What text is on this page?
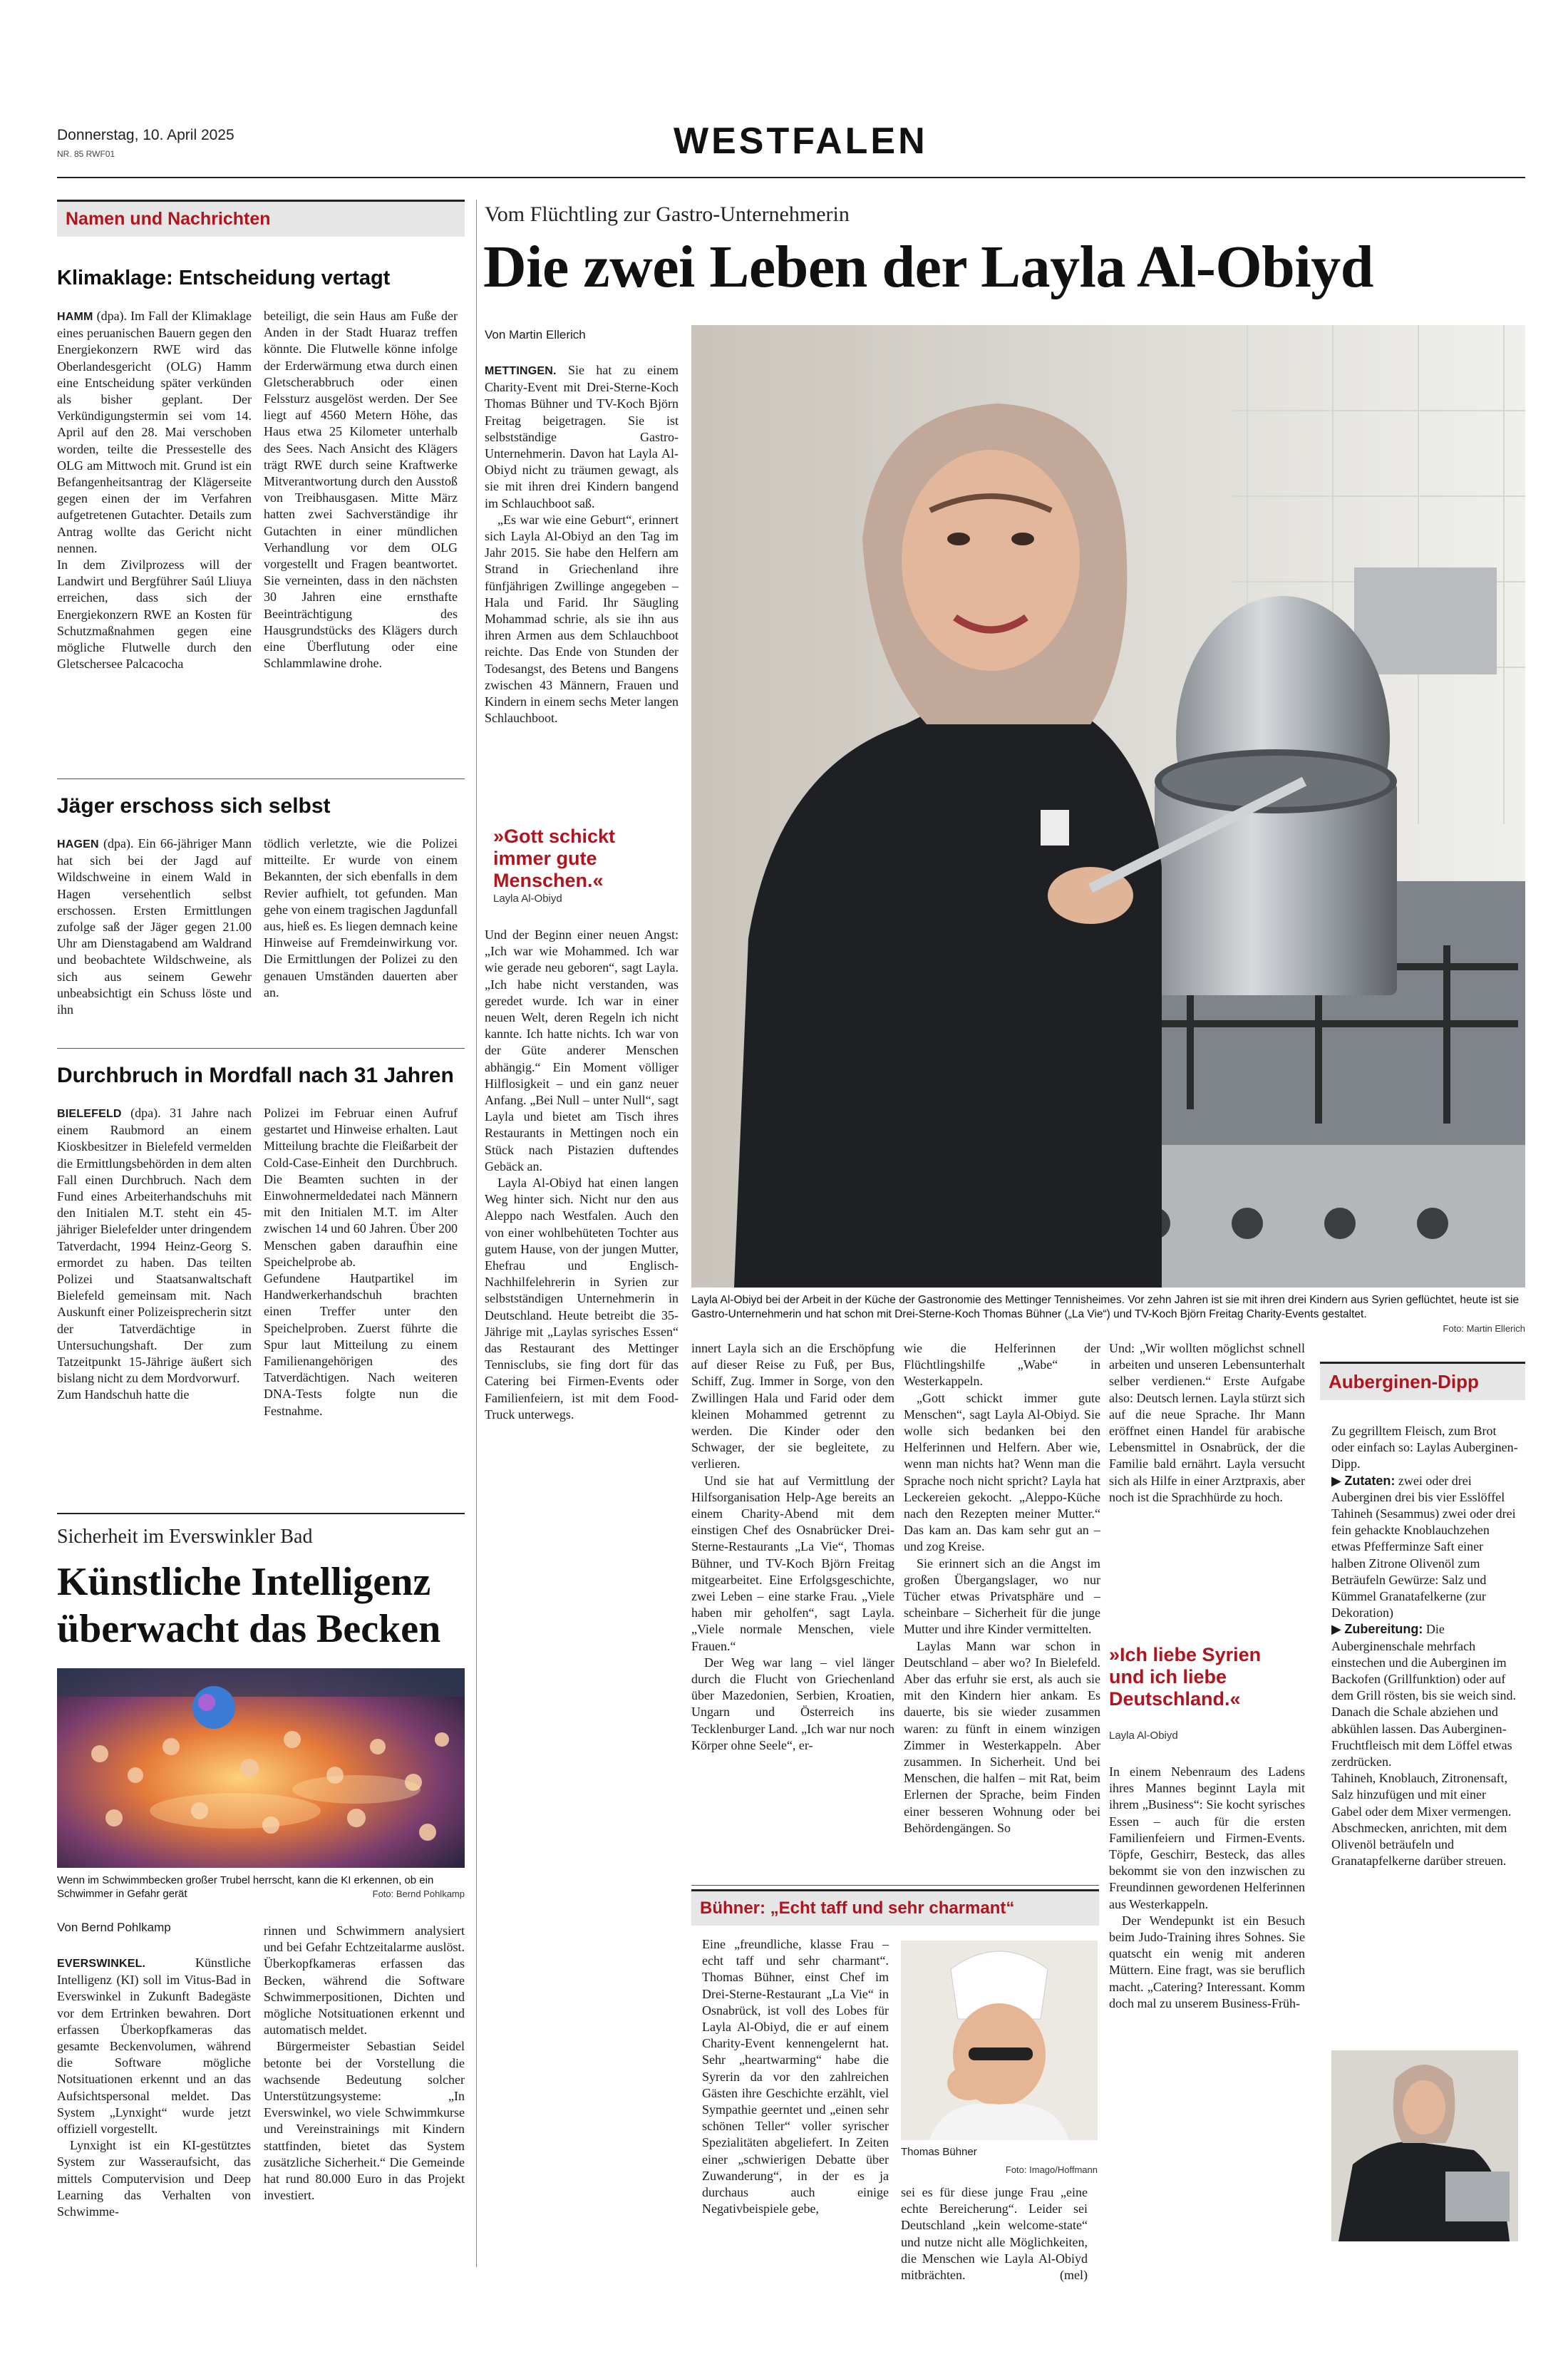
Donnerstag, 10. April 2025
NR. 85 RWF01	WESTFALEN
Namen und Nachrichten
Klimaklage: Entscheidung vertagt

HAMM (dpa). Im Fall der Klimaklage eines peruanischen Bauern gegen den Energiekonzern RWE wird das Oberlandesgericht (OLG) Hamm eine Entscheidung später verkünden als bisher geplant. Der Verkündigungstermin sei vom 14. April auf den 28. Mai verschoben worden, teilte die Pressestelle des OLG am Mittwoch mit. Grund ist ein Befangenheitsantrag der Klägerseite gegen einen der im Verfahren aufgetretenen Gutachter. Details zum Antrag wollte das Gericht nicht nennen.

In dem Zivilprozess will der Landwirt und Bergführer Saúl Lliuya erreichen, dass sich der Energiekonzern RWE an Kosten für Schutzmaßnahmen gegen eine mögliche Flutwelle durch den Gletschersee Palcacocha

beteiligt, die sein Haus am Fuße der Anden in der Stadt Huaraz treffen könnte. Die Flutwelle könne infolge der Erderwärmung etwa durch einen Gletscherabbruch oder einen Felssturz ausgelöst werden. Der See liegt auf 4560 Metern Höhe, das Haus etwa 25 Kilometer unterhalb des Sees. Nach Ansicht des Klägers trägt RWE durch seine Kraftwerke Mitverantwortung durch den Ausstoß von Treibhausgasen. Mitte März hatten zwei Sachverständige ihr Gutachten in einer mündlichen Verhandlung vor dem OLG vorgestellt und Fragen beantwortet. Sie verneinten, dass in den nächsten 30 Jahren eine ernsthafte Beeinträchtigung des Hausgrundstücks des Klägers durch eine Überflutung oder eine Schlammlawine drohe.
Jäger erschoss sich selbst

HAGEN (dpa). Ein 66-jähriger Mann hat sich bei der Jagd auf Wildschweine in einem Wald in Hagen versehentlich selbst erschossen. Ersten Ermittlungen zufolge saß der Jäger gegen 21.00 Uhr am Dienstagabend am Waldrand und beobachtete Wildschweine, als sich aus seinem Gewehr unbeabsichtigt ein Schuss löste und ihn

tödlich verletzte, wie die Polizei mitteilte. Er wurde von einem Bekannten, der sich ebenfalls in dem Revier aufhielt, tot gefunden. Man gehe von einem tragischen Jagdunfall aus, hieß es. Es liegen demnach keine Hinweise auf Fremdeinwirkung vor. Die Ermittlungen der Polizei zu den genauen Umständen dauerten aber an.
Durchbruch in Mordfall nach 31 Jahren

BIELEFELD (dpa). 31 Jahre nach einem Raubmord an einem Kioskbesitzer in Bielefeld vermelden die Ermittlungsbehörden in dem alten Fall einen Durchbruch. Nach dem Fund eines Arbeiterhandschuhs mit den Initialen M.T. steht ein 45-jähriger Bielefelder unter dringendem Tatverdacht, 1994 Heinz-Georg S. ermordet zu haben. Das teilten Polizei und Staatsanwaltschaft Bielefeld gemeinsam mit. Nach Auskunft einer Polizeisprecherin sitzt der Tatverdächtige in Untersuchungshaft. Der zum Tatzeitpunkt 15-Jährige äußert sich bislang nicht zu dem Mordvorwurf.

Zum Handschuh hatte die

Polizei im Februar einen Aufruf gestartet und Hinweise erhalten. Laut Mitteilung brachte die Fleißarbeit der Cold-Case-Einheit den Durchbruch. Die Beamten suchten in der Einwohnermeldedatei nach Männern mit den Initialen M.T. im Alter zwischen 14 und 60 Jahren. Über 200 Menschen gaben daraufhin eine Speichelprobe ab.

Gefundene Hautpartikel im Handwerkerhandschuh brachten einen Treffer unter den Speichelproben. Zuerst führte die Spur laut Mitteilung zu einem Familienangehörigen des Tatverdächtigen. Nach weiteren DNA-Tests folgte nun die Festnahme.

Sicherheit im Everswinkler Bad
Künstliche Intelligenz überwacht das Becken
Wenn im Schwimmbecken großer Trubel herrscht, kann die KI erkennen, ob ein Schwimmer in Gefahr gerät	Foto: Bernd Pohlkamp
Von Bernd Pohlkamp

EVERSWINKEL.	Künstliche Intelligenz (KI) soll im Vitus-Bad in Everswinkel in Zukunft Badegäste vor dem Ertrinken bewahren. Dort erfassen Überkopfkameras das gesamte Beckenvolumen, während die Software mögliche Notsituationen erkennt und an das Aufsichtspersonal meldet. Das System „Lynxight“ wurde jetzt offiziell vorgestellt.

Lynxight ist ein KI-gestütztes System zur Wasseraufsicht, das mittels Computervision und Deep Learning das Verhalten von Schwimme-

rinnen und Schwimmern analysiert und bei Gefahr Echtzeitalarme auslöst. Überkopfkameras erfassen das Becken, während die Software Schwimmerpositionen, Dichten und mögliche Notsituationen erkennt und automatisch meldet.

Bürgermeister Sebastian Seidel betonte bei der Vorstellung die wachsende Bedeutung solcher Unterstützungsysteme: „In Everswinkel, wo viele Schwimmkurse und Vereinstrainings mit Kindern stattfinden, bietet das System zusätzliche Sicherheit.“ Die Gemeinde hat rund 80.000 Euro in das Projekt investiert.

Vom Flüchtling zur Gastro-Unternehmerin
Die zwei Leben der Layla Al-Obiyd
Von Martin Ellerich

METTINGEN. Sie hat zu einem Charity-Event mit Drei-Sterne-Koch Thomas Bühner und TV-Koch Björn Freitag beigetragen. Sie ist selbstständige Gastro-Unternehmerin. Davon hat Layla Al-Obiyd nicht zu träumen gewagt, als sie mit ihren drei Kindern bangend im Schlauchboot saß.

„Es war wie eine Geburt“, erinnert sich Layla Al-Obiyd an den Tag im Jahr 2015. Sie habe den Helfern am Strand in Griechenland ihre fünfjährigen Zwillinge angegeben – Hala und Farid. Ihr Säugling Mohammad schrie, als sie ihn aus ihren Armen aus dem Schlauchboot reichte. Das Ende von Stunden der Todesangst, des Betens und Bangens zwischen 43 Männern, Frauen und Kindern in einem sechs Meter langen Schlauchboot.

»Gott schickt immer gute Menschen.«
Layla Al-Obiyd

Und der Beginn einer neuen Angst: „Ich war wie Mohammed. Ich war wie gerade neu geboren“, sagt Layla. „Ich habe nicht verstanden, was geredet wurde. Ich war in einer neuen Welt, deren Regeln ich nicht kannte. Ich hatte nichts. Ich war von der Güte anderer Menschen abhängig.“ Ein Moment völliger Hilflosigkeit – und ein ganz neuer Anfang. „Bei Null – unter Null“, sagt Layla und bietet am Tisch ihres Restaurants in Mettingen noch ein Stück nach Pistazien duftendes Gebäck an.

Layla Al-Obiyd hat einen langen Weg hinter sich. Nicht nur den aus Aleppo nach Westfalen. Auch den von einer wohlbehüteten Tochter aus gutem Hause, von der jungen Mutter, Ehefrau und Englisch-Nachhilfelehrerin in Syrien zur selbstständigen Unternehmerin in Deutschland. Heute betreibt die 35-Jährige mit „Laylas syrisches Essen“ das Restaurant des Mettinger Tennisclubs, sie fing dort für das Catering bei Firmen-Events oder Familienfeiern, ist mit dem Food-Truck unterwegs.

Layla Al-Obiyd bei der Arbeit in der Küche der Gastronomie des Mettinger Tennisheimes. Vor zehn Jahren ist sie mit ihren drei Kindern aus Syrien geflüchtet, heute ist sie Gastro-Unternehmerin und hat schon mit Drei-Sterne-Koch Thomas Bühner („La Vie“) und TV-Koch Björn Freitag Charity-Events gestaltet.
Foto: Martin Ellerich

innert Layla sich an die Erschöpfung auf dieser Reise zu Fuß, per Bus, Schiff, Zug. Immer in Sorge, von den Zwillingen Hala und Farid oder dem kleinen Mohammed getrennt zu werden. Die Kinder oder den Schwager, der sie begleitete, zu verlieren.

Und sie hat auf Vermittlung der Hilfsorganisation Help-Age bereits an einem Charity-Abend mit dem einstigen Chef des Osnabrücker Drei-Sterne-Restaurants „La Vie“, Thomas Bühner, und TV-Koch Björn Freitag mitgearbeitet. Eine Erfolgsgeschichte, zwei Leben – eine starke Frau. „Viele haben mir geholfen“, sagt Layla. „Viele normale Menschen, viele Frauen.“

Der Weg war lang – viel länger durch die Flucht von Griechenland über Mazedonien, Serbien, Kroatien, Ungarn und Österreich ins Tecklenburger Land. „Ich war nur noch Körper ohne Seele“, er-

wie die Helferinnen der Flüchtlingshilfe „Wabe“ in Westerkappeln.

„Gott schickt immer gute Menschen“, sagt Layla Al-Obiyd. Sie wolle sich bedanken bei den Helferinnen und Helfern. Aber wie, wenn man nichts hat? Wenn man die Sprache noch nicht spricht? Layla hat Leckereien gekocht. „Aleppo-Küche nach den Rezepten meiner Mutter.“ Das kam an. Das kam sehr gut an – und zog Kreise.

Sie erinnert sich an die Angst im großen Übergangslager, wo nur Tücher etwas Privatsphäre und – scheinbare – Sicherheit für die junge Mutter und ihre Kinder vermittelten.

Laylas Mann war schon in Deutschland – aber wo? In Bielefeld. Aber das erfuhr sie erst, als auch sie mit den Kindern hier ankam. Es dauerte, bis sie wieder zusammen waren: zu fünft in einem winzigen Zimmer in Westerkappeln. Aber zusammen. In Sicherheit. Und bei Menschen, die halfen – mit Rat, beim Erlernen der Sprache, beim Finden einer besseren Wohnung oder bei Behördengängen. So

»Ich liebe Syrien und ich liebe Deutschland.«
Layla Al-Obiyd

Und: „Wir wollten möglichst schnell arbeiten und unseren Lebensunterhalt selber verdienen.“ Erste Aufgabe also: Deutsch lernen. Layla stürzt sich auf die neue Sprache. Ihr Mann eröffnet einen Handel für arabische Lebensmittel in Osnabrück, der die Familie bald ernährt. Layla versucht sich als Hilfe in einer Arztpraxis, aber noch ist die Sprachhürde zu hoch.

In einem Nebenraum des Ladens ihres Mannes beginnt Layla mit ihrem „Business“: Sie kocht syrisches Essen – auch für die ersten Familienfeiern und Firmen-Events. Töpfe, Geschirr, Besteck, das alles bekommt sie von den inzwischen zu Freundinnen gewordenen Helferinnen aus Westerkappeln.

Der Wendepunkt ist ein Besuch beim Judo-Training ihres Sohnes. Sie quatscht ein wenig mit anderen Müttern. Eine fragt, was sie beruflich macht. „Catering? Interessant. Komm doch mal zu unserem Business-Früh-

Bühner: „Echt taff und sehr charmant“
Eine „freundliche, klasse Frau – echt taff und sehr charmant“. Thomas Bühner, einst Chef im Drei-Sterne-Restaurant „La Vie“ in Osnabrück, ist voll des Lobes für Layla Al-Obiyd, die er auf einem Charity-Event kennengelernt hat. Sehr „heartwarming“ habe die Syrerin da vor den zahlreichen Gästen ihre Geschichte erzählt, viel Sympathie geerntet und „einen sehr schönen Teller“ voller syrischer Spezialitäten abgeliefert. In Zeiten einer „schwierigen Debatte über Zuwanderung“, in der es ja durchaus auch einige Negativbeispiele gebe,
Thomas Bühner
Foto: Imago/Hoffmann

sei es für diese junge Frau „eine echte Bereicherung“. Leider sei Deutschland „kein welcome-state“ und nutze nicht alle Möglichkeiten, die Menschen wie Layla Al-Obiyd mitbrächten.	(mel)

Auberginen-Dipp

Zu gegrilltem Fleisch, zum Brot oder einfach so: Laylas Auberginen-Dipp.

▶ Zutaten: zwei oder drei Auberginen drei bis vier Esslöffel Tahineh (Sesammus) zwei oder drei fein gehackte Knoblauchzehen etwas Pfefferminze Saft einer halben Zitrone Olivenöl zum Beträufeln Gewürze: Salz und Kümmel Granatafelkerne (zur Dekoration)

▶ Zubereitung: Die Auberginenschale mehrfach einstechen und die Auberginen im Backofen (Grillfunktion) oder auf dem Grill rösten, bis sie weich sind. Danach die Schale abziehen und abkühlen lassen. Das Auberginen-Fruchtfleisch mit dem Löffel etwas zerdrücken.

Tahineh, Knoblauch, Zitronensaft, Salz hinzufügen und mit einer Gabel oder dem Mixer vermengen. Abschmecken, anrichten, mit dem Olivenöl beträufeln und Granatapfelkerne darüber streuen.
